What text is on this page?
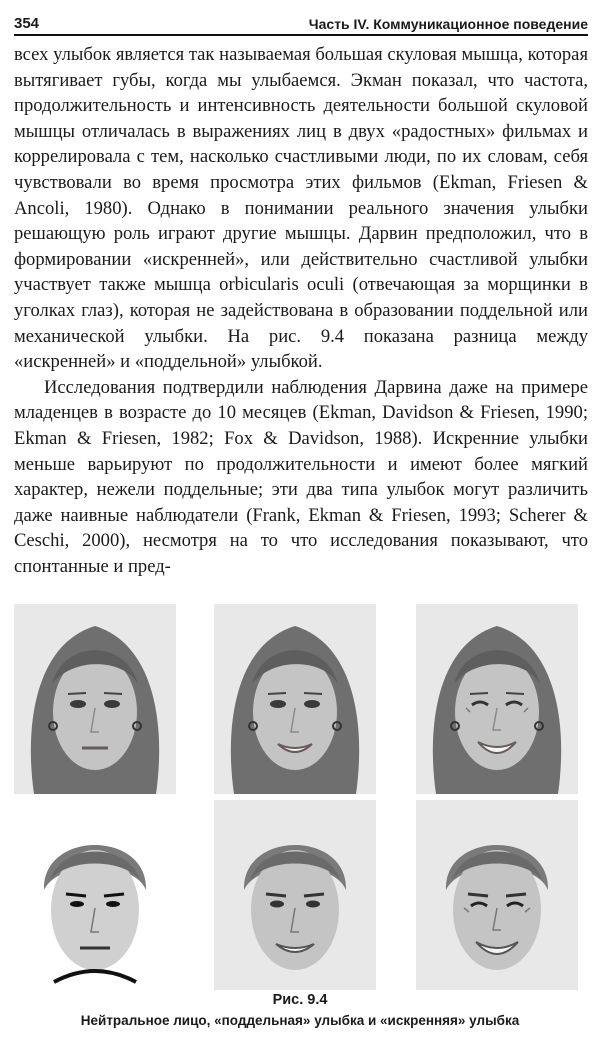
354	Часть IV. Коммуникационное поведение

всех улыбок является так называемая большая скуловая мышца, которая вытягивает губы, когда мы улыбаемся. Экман показал, что частота, продолжительность и интенсивность деятельности большой скуловой мышцы отличалась в выражениях лиц в двух «радостных» фильмах и коррелировала с тем, насколько счастливыми люди, по их словам, себя чувствовали во время просмотра этих фильмов (Ekman, Friesen & Ancoli, 1980). Однако в понимании реального значения улыбки решающую роль играют другие мышцы. Дарвин предположил, что в формировании «искренней», или действительно счастливой улыбки участвует также мышца orbicularis oculi (отвечающая за морщинки в уголках глаз), которая не задействована в образовании поддельной или механической улыбки. На рис. 9.4 показана разница между «искренней» и «поддельной» улыбкой.

Исследования подтвердили наблюдения Дарвина даже на примере младенцев в возрасте до 10 месяцев (Ekman, Davidson & Friesen, 1990; Ekman & Friesen, 1982; Fox & Davidson, 1988). Искренние улыбки меньше варьируют по продолжительности и имеют более мягкий характер, нежели поддельные; эти два типа улыбок могут различить даже наивные наблюдатели (Frank, Ekman & Friesen, 1993; Scherer & Ceschi, 2000), несмотря на то что исследования показывают, что спонтанные и пред-

Рис. 9.4
Нейтральное лицо, «поддельная» улыбка и «искренняя» улыбка
